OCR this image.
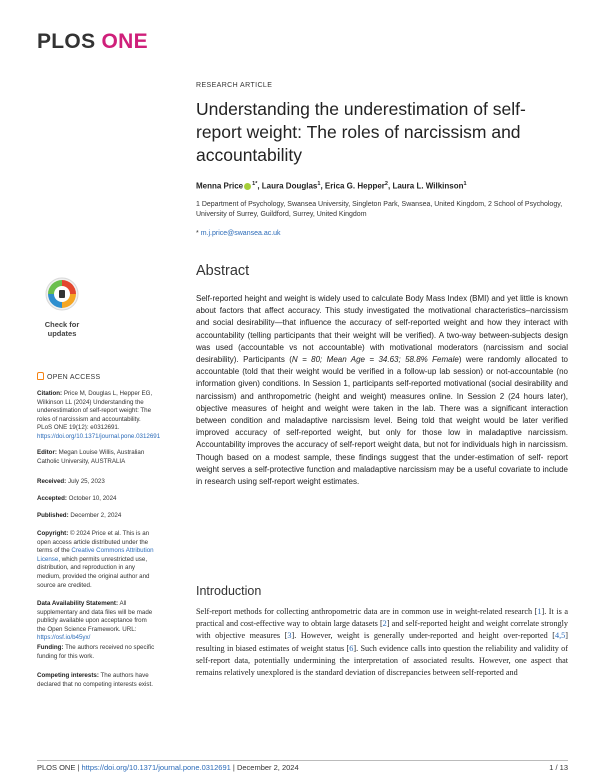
PLOS ONE
RESEARCH ARTICLE
Understanding the underestimation of self-report weight: The roles of narcissism and accountability
Menna Price $^{1*}$, Laura Douglas$^1$, Erica G. Hepper$^2$, Laura L. Wilkinson$^1$
1 Department of Psychology, Swansea University, Singleton Park, Swansea, United Kingdom, 2 School of Psychology, University of Surrey, Guildford, Surrey, United Kingdom
* m.j.price@swansea.ac.uk
Check for
updates
OPEN ACCESS
Citation: Price M, Douglas L, Hepper EG, Wilkinson LL (2024) Understanding the underestimation of self-report weight: The roles of narcissism and accountability. PLoS ONE 19(12): e0312691. https://doi.org/10.1371/journal.pone.0312691
Editor: Megan Louise Willis, Australian Catholic University, AUSTRALIA
Received: July 25, 2023
Accepted: October 10, 2024
Published: December 2, 2024
Copyright: © 2024 Price et al. This is an open access article distributed under the terms of the Creative Commons Attribution License, which permits unrestricted use, distribution, and reproduction in any medium, provided the original author and source are credited.
Data Availability Statement: All supplementary and data files will be made publicly available upon acceptance from the Open Science Framework. URL: https://osf.io/b45yx/
Funding: The authors received no specific funding for this work.
Competing interests: The authors have declared that no competing interests exist.
Abstract
Self-reported height and weight is widely used to calculate Body Mass Index (BMI) and yet little is known about factors that affect accuracy. This study investigated the motivational characteristics–narcissism and social desirability—that influence the accuracy of self-reported weight and how they interact with accountability (telling participants that their weight will be verified). A two-way between-subjects design was used (accountable vs not accountable) with motivational moderators (narcissism and social desirability). Participants (N = 80; Mean Age = 34.63; 58.8% Female) were randomly allocated to accountable (told that their weight would be verified in a follow-up lab session) or not-accountable (no information given) conditions. In Session 1, participants self-reported motivational (social desirability and narcissism) and anthropometric (height and weight) measures online. In Session 2 (24 hours later), objective measures of height and weight were taken in the lab. There was a significant interaction between condition and maladaptive narcissism level. Being told that weight would be later verified improved accuracy of self-reported weight, but only for those low in maladaptive narcissism. Accountability improves the accuracy of self-report weight data, but not for individuals high in narcissism. Though based on a modest sample, these findings suggest that the under-estimation of self- report weight serves a self-protective function and maladaptive narcissism may be a useful covariate to include in research using self-report weight estimates.
Introduction
Self-report methods for collecting anthropometric data are in common use in weight-related research [1]. It is a practical and cost-effective way to obtain large datasets [2] and self-reported height and weight correlate strongly with objective measures [3]. However, weight is generally under-reported and height over-reported [4,5] resulting in biased estimates of weight status [6]. Such evidence calls into question the reliability and validity of self-report data, potentially undermining the interpretation of associated results. However, one aspect that remains relatively unexplored is the standard deviation of discrepancies between self-reported and
PLOS ONE | https://doi.org/10.1371/journal.pone.0312691 | December 2, 2024	1 / 13
